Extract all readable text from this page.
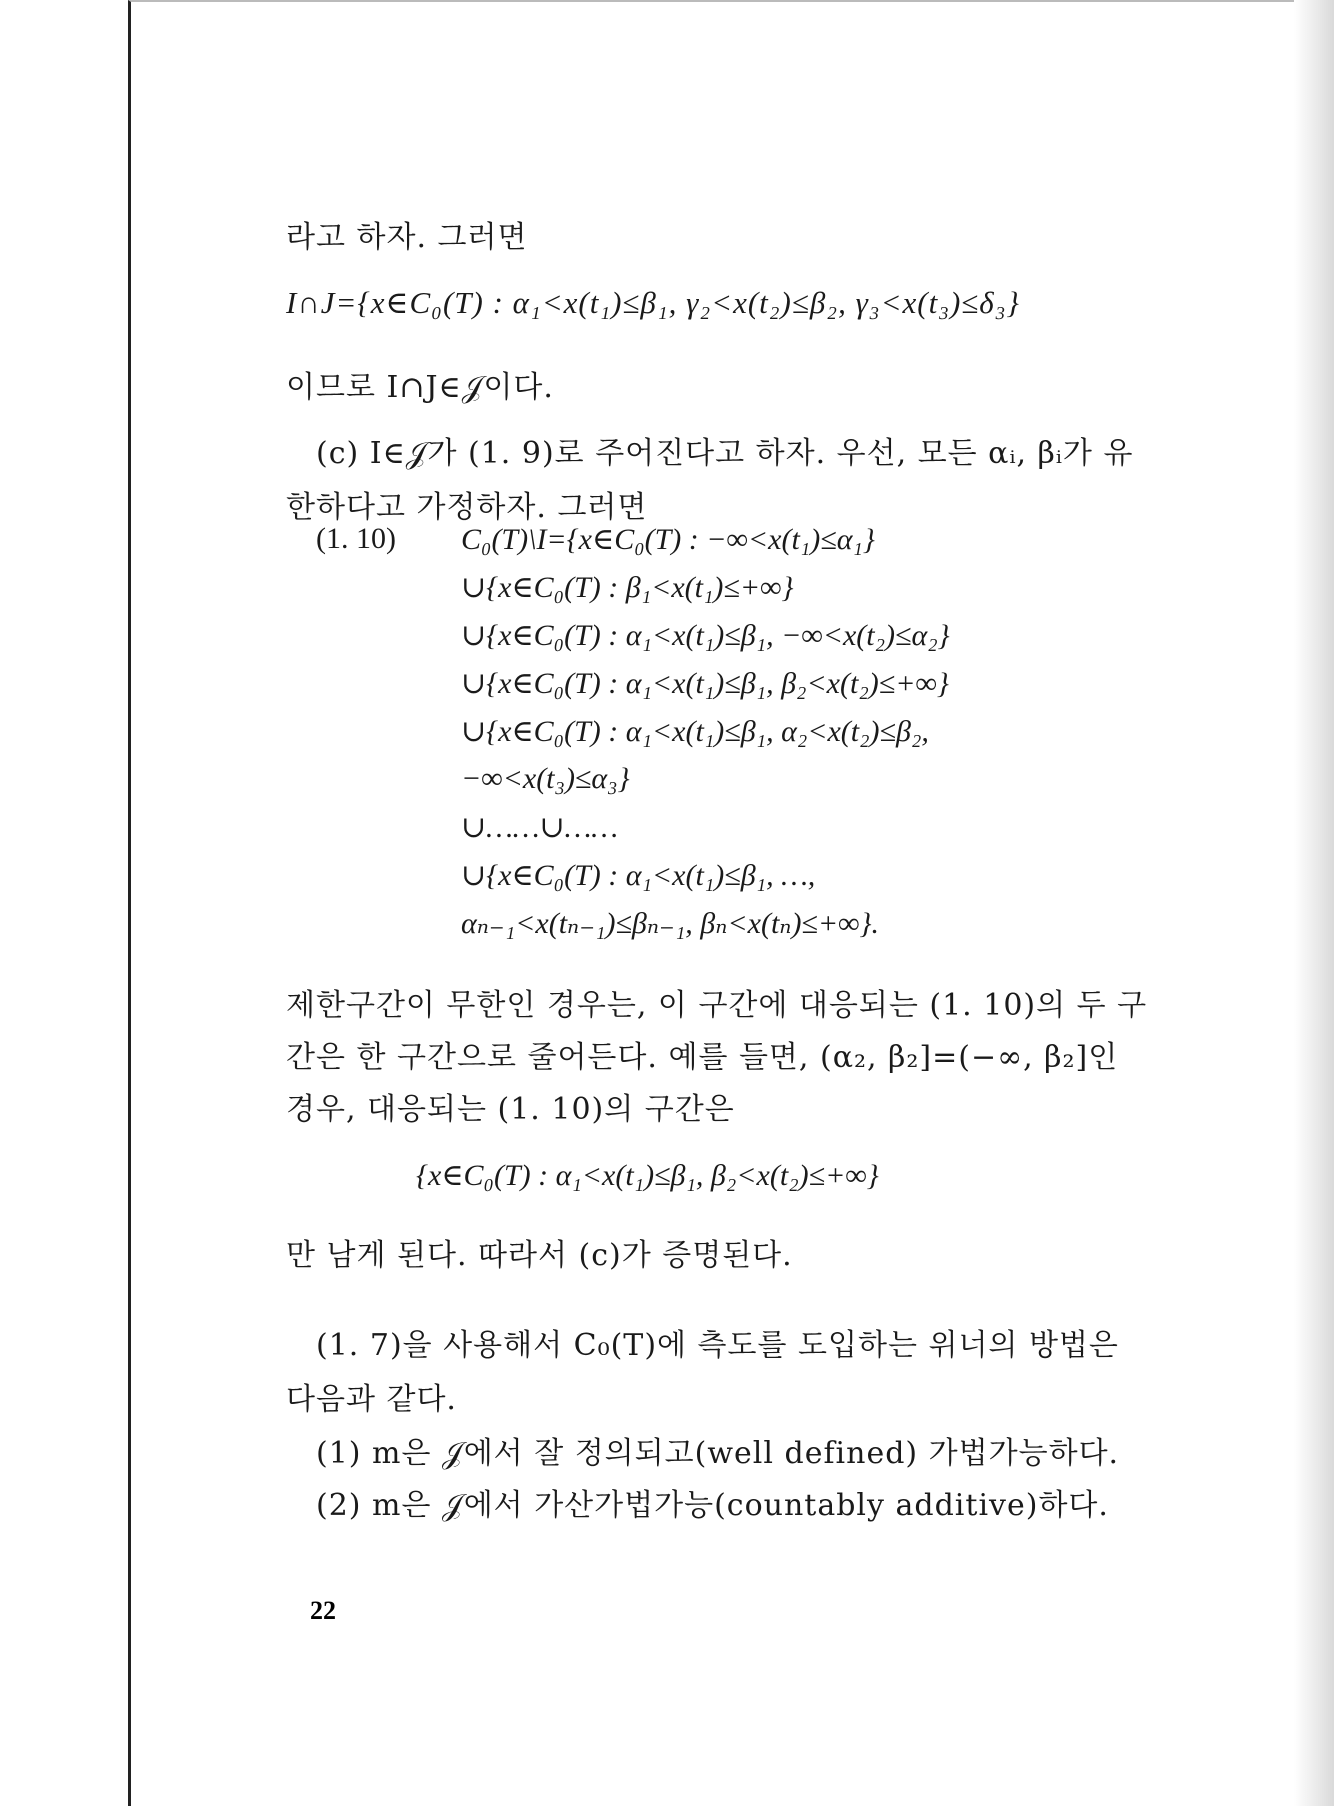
라고 하자. 그러면
I∩J={x∈C₀(T) : α₁<x(t₁)≤β₁, γ₂<x(t₂)≤β₂, γ₃<x(t₃)≤δ₃}
이므로 I∩J∈𝒥이다.
(c) I∈𝒥가 (1. 9)로 주어진다고 하자. 우선, 모든 αᵢ, βᵢ가 유
한하다고 가정하자. 그러면
(1. 10) C₀(T)\I={x∈C₀(T) : −∞<x(t₁)≤α₁}
∪{x∈C₀(T) : β₁<x(t₁)≤+∞}
∪{x∈C₀(T) : α₁<x(t₁)≤β₁, −∞<x(t₂)≤α₂}
∪{x∈C₀(T) : α₁<x(t₁)≤β₁, β₂<x(t₂)≤+∞}
∪{x∈C₀(T) : α₁<x(t₁)≤β₁, α₂<x(t₂)≤β₂,
−∞<x(t₃)≤α₃}
∪……∪……
∪{x∈C₀(T) : α₁<x(t₁)≤β₁, …,
αₙ₋₁<x(tₙ₋₁)≤βₙ₋₁, βₙ<x(tₙ)≤+∞}.
제한구간이 무한인 경우는, 이 구간에 대응되는 (1. 10)의 두 구
간은 한 구간으로 줄어든다. 예를 들면, (α₂, β₂]=(−∞, β₂]인
경우, 대응되는 (1. 10)의 구간은
{x∈C₀(T) : α₁<x(t₁)≤β₁, β₂<x(t₂)≤+∞}
만 남게 된다. 따라서 (c)가 증명된다.
(1. 7)을 사용해서 C₀(T)에 측도를 도입하는 위너의 방법은
다음과 같다.
(1) m은 𝒥에서 잘 정의되고(well defined) 가법가능하다.
(2) m은 𝒥에서 가산가법가능(countably additive)하다.
22
